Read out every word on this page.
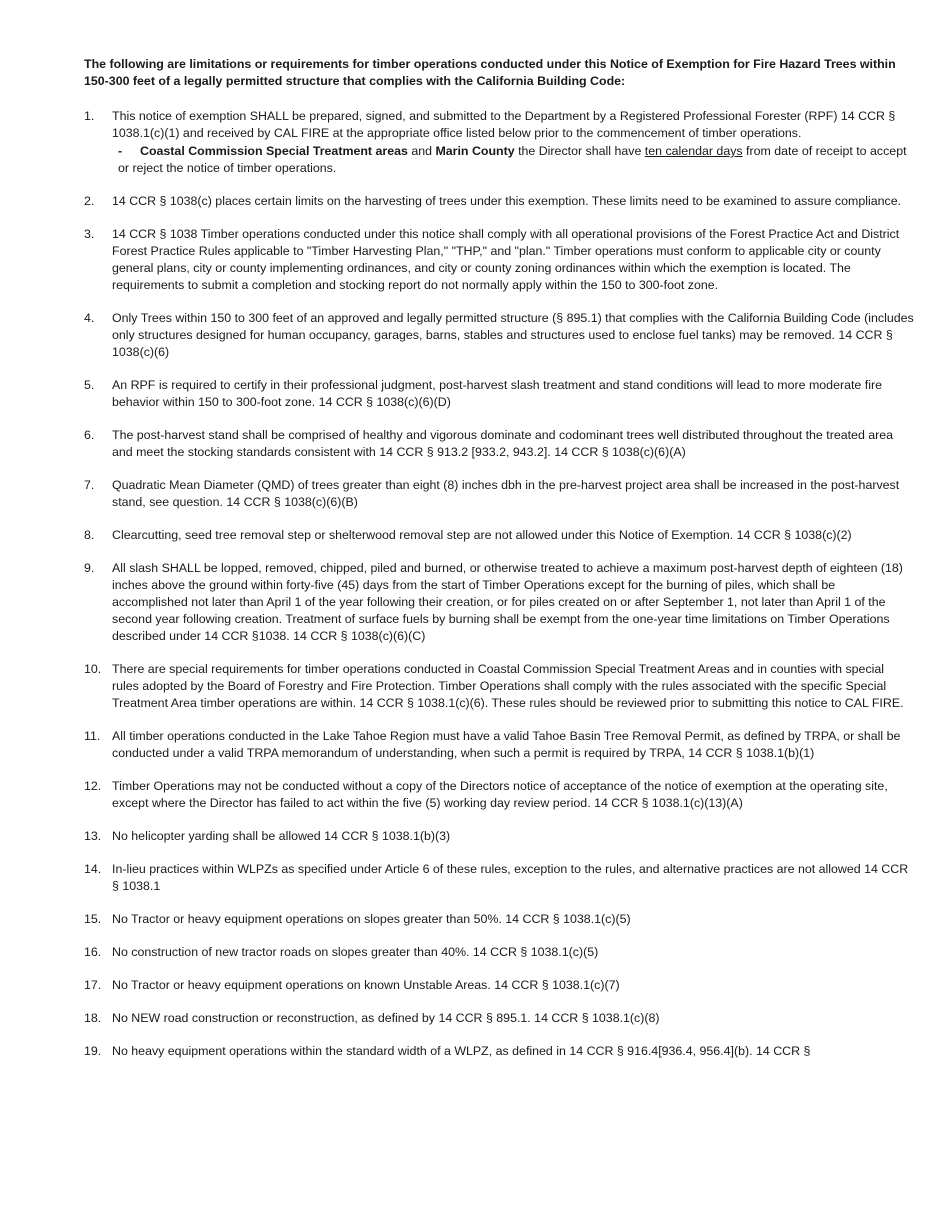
The following are limitations or requirements for timber operations conducted under this Notice of Exemption for Fire Hazard Trees within 150-300 feet of a legally permitted structure that complies with the California Building Code:

1. This notice of exemption SHALL be prepared, signed, and submitted to the Department by a Registered Professional Forester (RPF) 14 CCR § 1038.1(c)(1) and received by CAL FIRE at the appropriate office listed below prior to the commencement of timber operations.
- Coastal Commission Special Treatment areas and Marin County the Director shall have ten calendar days from date of receipt to accept or reject the notice of timber operations.
2. 14 CCR § 1038(c) places certain limits on the harvesting of trees under this exemption. These limits need to be examined to assure compliance.
3. 14 CCR § 1038 Timber operations conducted under this notice shall comply with all operational provisions of the Forest Practice Act and District Forest Practice Rules applicable to "Timber Harvesting Plan," "THP," and "plan." Timber operations must conform to applicable city or county general plans, city or county implementing ordinances, and city or county zoning ordinances within which the exemption is located. The requirements to submit a completion and stocking report do not normally apply within the 150 to 300-foot zone.
4. Only Trees within 150 to 300 feet of an approved and legally permitted structure (§ 895.1) that complies with the California Building Code (includes only structures designed for human occupancy, garages, barns, stables and structures used to enclose fuel tanks) may be removed. 14 CCR § 1038(c)(6)
5. An RPF is required to certify in their professional judgment, post-harvest slash treatment and stand conditions will lead to more moderate fire behavior within 150 to 300-foot zone. 14 CCR § 1038(c)(6)(D)
6. The post-harvest stand shall be comprised of healthy and vigorous dominate and codominant trees well distributed throughout the treated area and meet the stocking standards consistent with 14 CCR § 913.2 [933.2, 943.2]. 14 CCR § 1038(c)(6)(A)
7. Quadratic Mean Diameter (QMD) of trees greater than eight (8) inches dbh in the pre-harvest project area shall be increased in the post-harvest stand, see question. 14 CCR § 1038(c)(6)(B)
8. Clearcutting, seed tree removal step or shelterwood removal step are not allowed under this Notice of Exemption. 14 CCR § 1038(c)(2)
9. All slash SHALL be lopped, removed, chipped, piled and burned, or otherwise treated to achieve a maximum post-harvest depth of eighteen (18) inches above the ground within forty-five (45) days from the start of Timber Operations except for the burning of piles, which shall be accomplished not later than April 1 of the year following their creation, or for piles created on or after September 1, not later than April 1 of the second year following creation. Treatment of surface fuels by burning shall be exempt from the one-year time limitations on Timber Operations described under 14 CCR §1038. 14 CCR § 1038(c)(6)(C)
10. There are special requirements for timber operations conducted in Coastal Commission Special Treatment Areas and in counties with special rules adopted by the Board of Forestry and Fire Protection. Timber Operations shall comply with the rules associated with the specific Special Treatment Area timber operations are within. 14 CCR § 1038.1(c)(6). These rules should be reviewed prior to submitting this notice to CAL FIRE.
11. All timber operations conducted in the Lake Tahoe Region must have a valid Tahoe Basin Tree Removal Permit, as defined by TRPA, or shall be conducted under a valid TRPA memorandum of understanding, when such a permit is required by TRPA, 14 CCR § 1038.1(b)(1)
12. Timber Operations may not be conducted without a copy of the Directors notice of acceptance of the notice of exemption at the operating site, except where the Director has failed to act within the five (5) working day review period. 14 CCR § 1038.1(c)(13)(A)
13. No helicopter yarding shall be allowed 14 CCR § 1038.1(b)(3)
14. In-lieu practices within WLPZs as specified under Article 6 of these rules, exception to the rules, and alternative practices are not allowed 14 CCR § 1038.1
15. No Tractor or heavy equipment operations on slopes greater than 50%. 14 CCR § 1038.1(c)(5)
16. No construction of new tractor roads on slopes greater than 40%. 14 CCR § 1038.1(c)(5)
17. No Tractor or heavy equipment operations on known Unstable Areas. 14 CCR § 1038.1(c)(7)
18. No NEW road construction or reconstruction, as defined by 14 CCR § 895.1. 14 CCR § 1038.1(c)(8)
19. No heavy equipment operations within the standard width of a WLPZ, as defined in 14 CCR § 916.4[936.4, 956.4](b). 14 CCR §
